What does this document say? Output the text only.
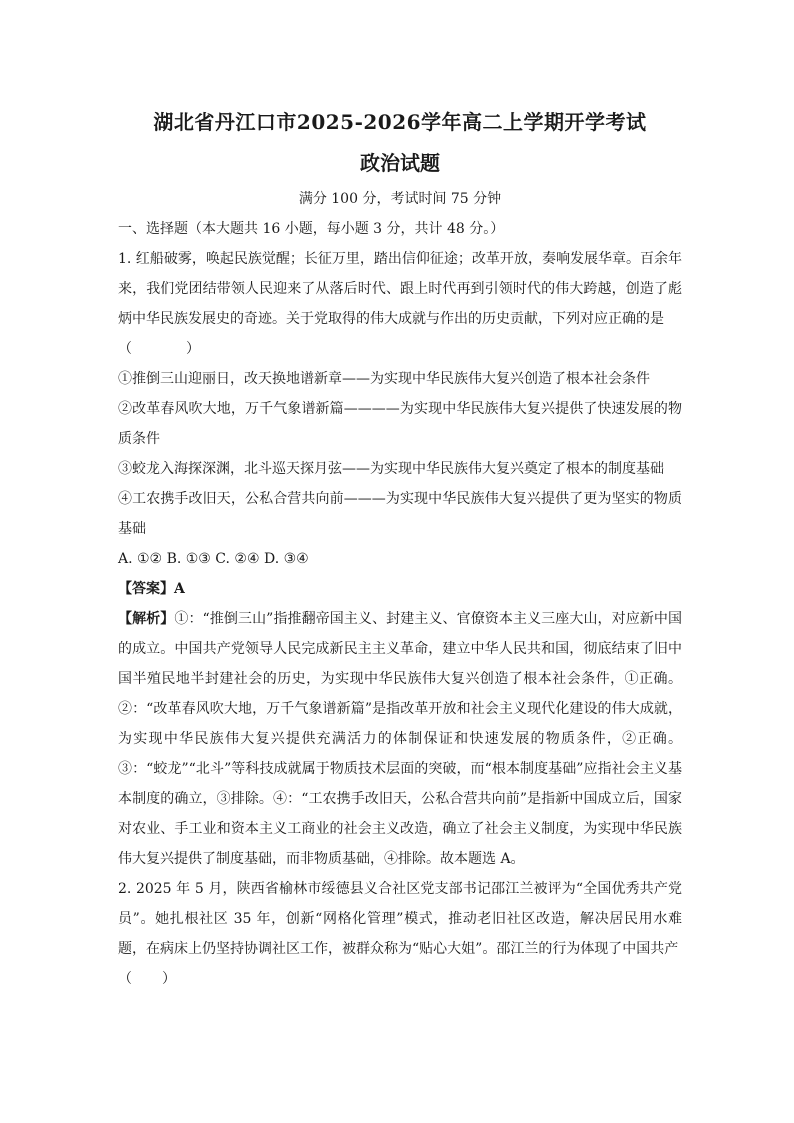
湖北省丹江口市2025-2026学年高二上学期开学考试
政治试题
满分 100 分，考试时间 75 分钟

一、选择题（本大题共 16 小题，每小题 3 分，共计 48 分。）

1. 红船破雾，唤起民族觉醒；长征万里，踏出信仰征途；改革开放，奏响发展华章。百余年来，我们党团结带领人民迎来了从落后时代、跟上时代再到引领时代的伟大跨越，创造了彪炳中华民族发展史的奇迹。关于党取得的伟大成就与作出的历史贡献，下列对应正确的是

（	）

①推倒三山迎丽日，改天换地谱新章——为实现中华民族伟大复兴创造了根本社会条件

②改革春风吹大地，万千气象谱新篇————为实现中华民族伟大复兴提供了快速发展的物质条件

③蛟龙入海探深渊，北斗巡天探月弦——为实现中华民族伟大复兴奠定了根本的制度基础

④工农携手改旧天，公私合营共向前———为实现中华民族伟大复兴提供了更为坚实的物质基础

A. ①② B. ①③ C. ②④ D. ③④

【答案】A

【解析】①：“推倒三山”指推翻帝国主义、封建主义、官僚资本主义三座大山，对应新中国的成立。中国共产党领导人民完成新民主主义革命，建立中华人民共和国，彻底结束了旧中国半殖民地半封建社会的历史，为实现中华民族伟大复兴创造了根本社会条件，①正确。②：“改革春风吹大地，万千气象谱新篇”是指改革开放和社会主义现代化建设的伟大成就，为实现中华民族伟大复兴提供充满活力的体制保证和快速发展的物质条件，②正确。③：“蛟龙”“北斗”等科技成就属于物质技术层面的突破，而“根本制度基础”应指社会主义基本制度的确立，③排除。④：“工农携手改旧天，公私合营共向前”是指新中国成立后，国家对农业、手工业和资本主义工商业的社会主义改造，确立了社会主义制度，为实现中华民族伟大复兴提供了制度基础，而非物质基础，④排除。故本题选 A。

2. 2025 年 5 月，陕西省榆林市绥德县义合社区党支部书记邵江兰被评为“全国优秀共产党员”。她扎根社区 35 年，创新“网格化管理”模式，推动老旧社区改造，解决居民用水难题，在病床上仍坚持协调社区工作，被群众称为“贴心大姐”。邵江兰的行为体现了中国共产

（ ）
